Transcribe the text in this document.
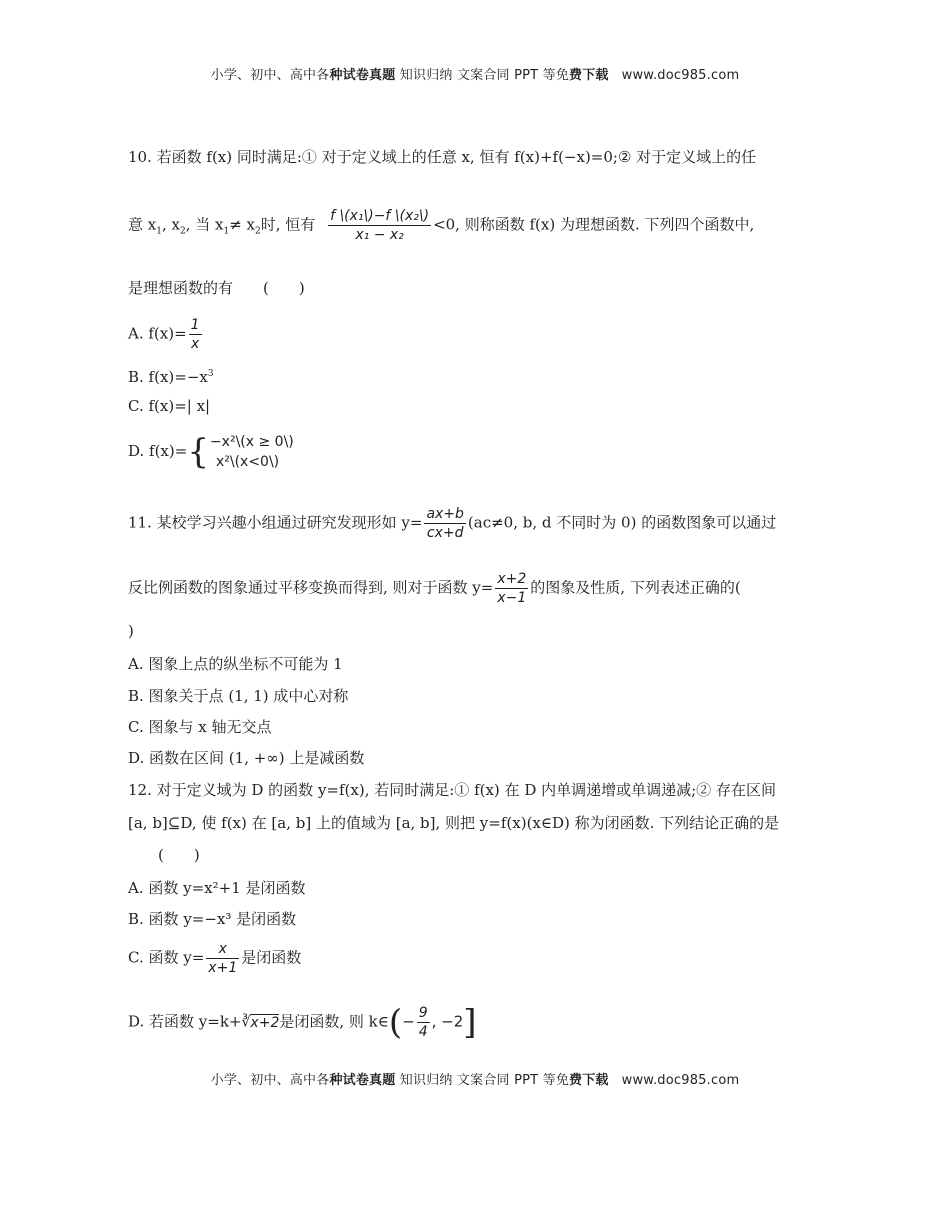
小学、初中、高中各种试卷真题 知识归纳 文案合同 PPT 等免费下载 www.doc985.com
10. 若函数 f(x) 同时满足:① 对于定义域上的任意 x, 恒有 f(x)+f(−x)=0;② 对于定义域上的任
意 $x_1$, $x_2$, 当 $x_1\ne x_2$时, 恒有 $\frac{\text{f \textbackslash{}(x₁\textbackslash{})−f \textbackslash{}(x₂\textbackslash{})}}{\text{x₁ − x₂}} <0$, 则称函数 f(x) 为理想函数. 下列四个函数中,
是理想函数的有　　(　　)
A. $f(x)= \frac{1}{x}$
B. $f(x)=-x^3$
C. f(x)=| x|
D. f(x)={ −x²\(x ≥ 0\)
x²\(x<0\)
11. 某校学习兴趣小组通过研究发现形如 $y= \frac{ax+b}{cx+d} (ac\ne 0$, b, d 不同时为 0) 的函数图象可以通过
反比例函数的图象通过平移变换而得到, 则对于函数 $y= \frac{x+2}{x-1}$ 的图象及性质, 下列表述正确的(
)
A. 图象上点的纵坐标不可能为 1
B. 图象关于点 (1, 1) 成中心对称
C. 图象与 x 轴无交点
D. 函数在区间 (1, +∞) 上是减函数
12. 对于定义域为 D 的函数 y=f(x), 若同时满足:① f(x) 在 D 内单调递增或单调递减;② 存在区间
[a, b]⊆D, 使 f(x) 在 [a, b] 上的值域为 [a, b], 则把 y=f(x)(x∈D) 称为闭函数. 下列结论正确的是
(　　)
A. 函数 y=x²+1 是闭函数
B. 函数 y=−x³ 是闭函数
C. 函数 $y= \frac{x}{x+1}$ 是闭函数
D. 若函数 y=k+∛x+2是闭函数, 则 k∈(− $\frac{9}{4}$ , −2]
小学、初中、高中各种试卷真题 知识归纳 文案合同 PPT 等免费下载 www.doc985.com
